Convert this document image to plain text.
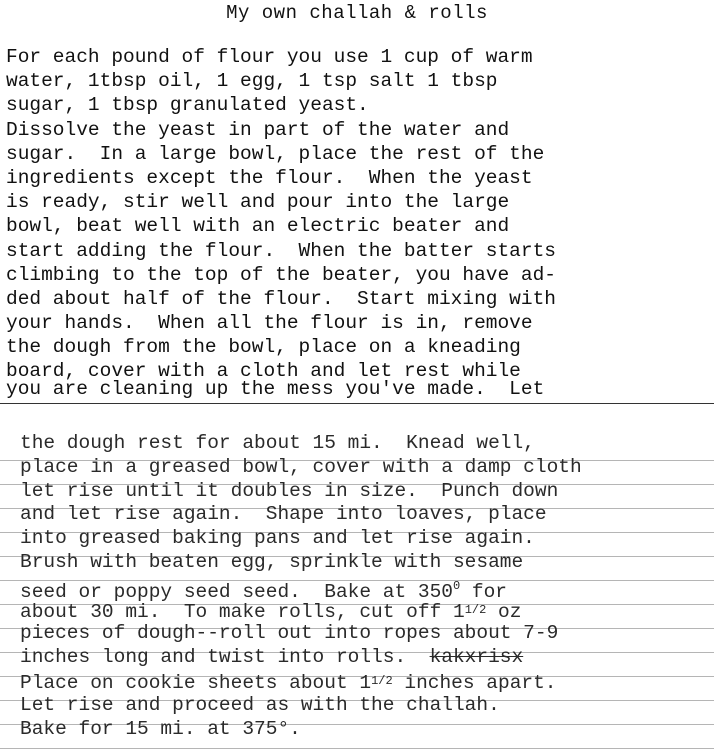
My own challah & rolls
For each pound of flour you use 1 cup of warm
water, 1tbsp oil, 1 egg, 1 tsp salt 1 tbsp
sugar, 1 tbsp granulated yeast.
Dissolve the yeast in part of the water and
sugar.  In a large bowl, place the rest of the
ingredients except the flour.  When the yeast
is ready, stir well and pour into the large
bowl, beat well with an electric beater and
start adding the flour.  When the batter starts
climbing to the top of the beater, you have ad-
ded about half of the flour.  Start mixing with
your hands.  When all the flour is in, remove
the dough from the bowl, place on a kneading
board, cover with a cloth and let rest while
you are cleaning up the mess you've made.  Let
the dough rest for about 15 mi.  Knead well,
place in a greased bowl, cover with a damp cloth
let rise until it doubles in size.  Punch down
and let rise again.  Shape into loaves, place
into greased baking pans and let rise again.
Brush with beaten egg, sprinkle with sesame
seed or poppy seed seed.  Bake at $350^0$ for
about 30 mi.  To make rolls, cut off $1^{1/2}$ oz
pieces of dough--roll out into ropes about 7-9
inches long and twist into rolls.  kakxrisx
Place on cookie sheets about $1^{1/2}$ inches apart.
Let rise and proceed as with the challah.
Bake for 15 mi. at 375°.
